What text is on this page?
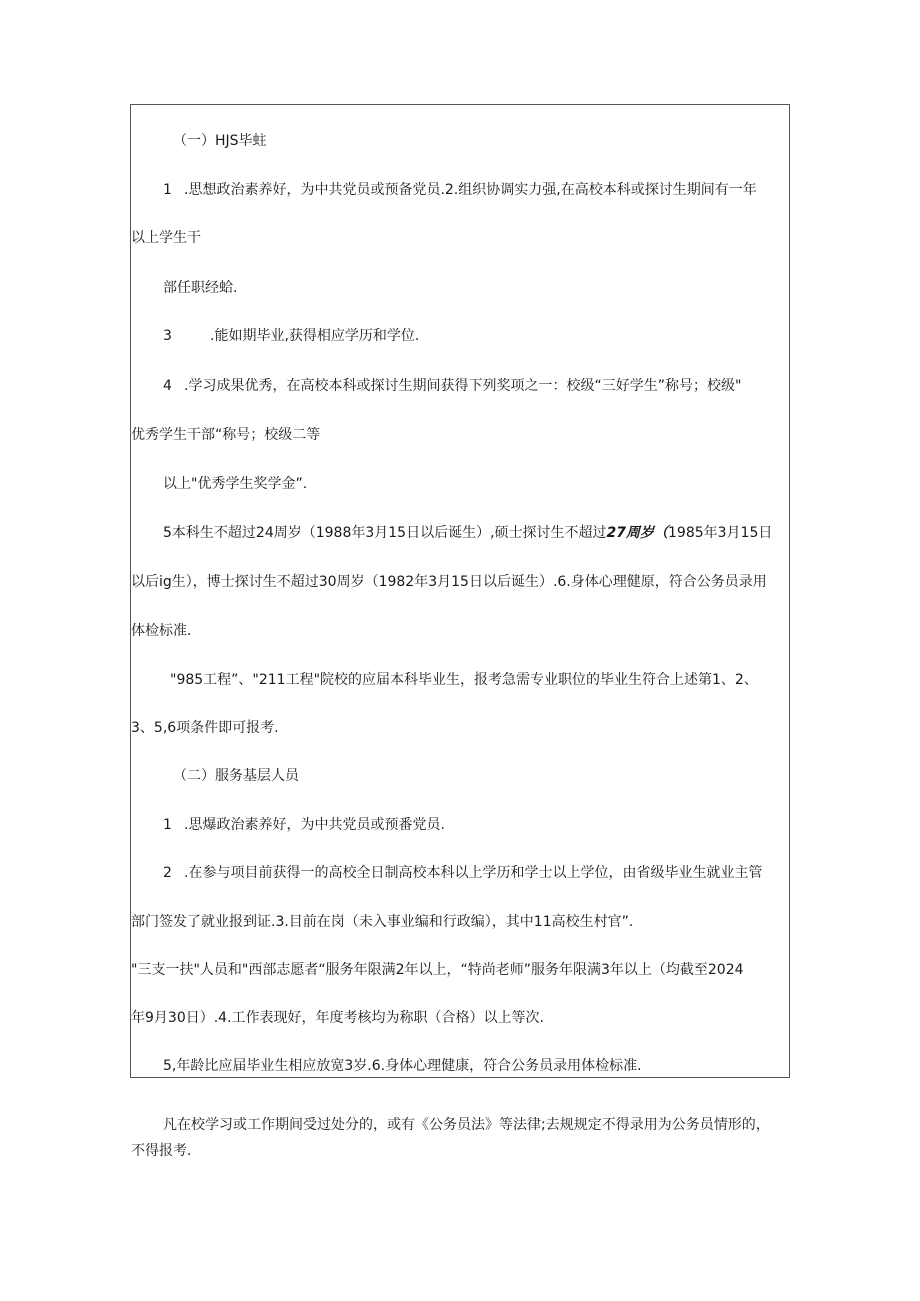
（一）HJS毕蛀
1 .思想政治素养好，为中共党员或预备党员.2.组织协调实力强,在高校本科或探讨生期间有一年
以上学生干
部任职经蛤.
3	.能如期毕业,获得相应学历和学位.
4 .学习成果优秀，在高校本科或探讨生期间获得下列奖项之一：校级“三好学生”称号；校级"
优秀学生干部“称号；校级二等
以上"优秀学生奖学金”.
5本科生不超过24周岁（1988年3月15日以后诞生）,硕士探讨生不超过27周岁（1985年3月15日
以后ig生），博士探讨生不超过30周岁（1982年3月15日以后诞生）.6.身体心理健原，符合公务员录用
体检标准.
"985工程”、"211工程"院校的应届本科毕业生，报考急需专业职位的毕业生符合上述第1、2、
3、5,6项条件即可报考.
（二）服务基层人员
1 .思爆政治素养好，为中共党员或预番党员.
2 .在参与项目前获得一的高校全日制高校本科以上学历和学士以上学位，由省级毕业生就业主管
部门签发了就业报到证.3.目前在岗（未入事业编和行政编），其中11高校生村官”.
"三支一扶"人员和"西部志愿者“服务年限满2年以上，“特尚老师”服务年限满3年以上（均截至2024
年9月30日）.4.工作表现好，年度考核均为称职（合格）以上等次.
5,年龄比应届毕业生相应放宽3岁.6.身体心理健康，符合公务员录用体检标准.
凡在校学习或工作期间受过处分的，或有《公务员法》等法律;去规规定不得录用为公务员情形的，
不得报考.
